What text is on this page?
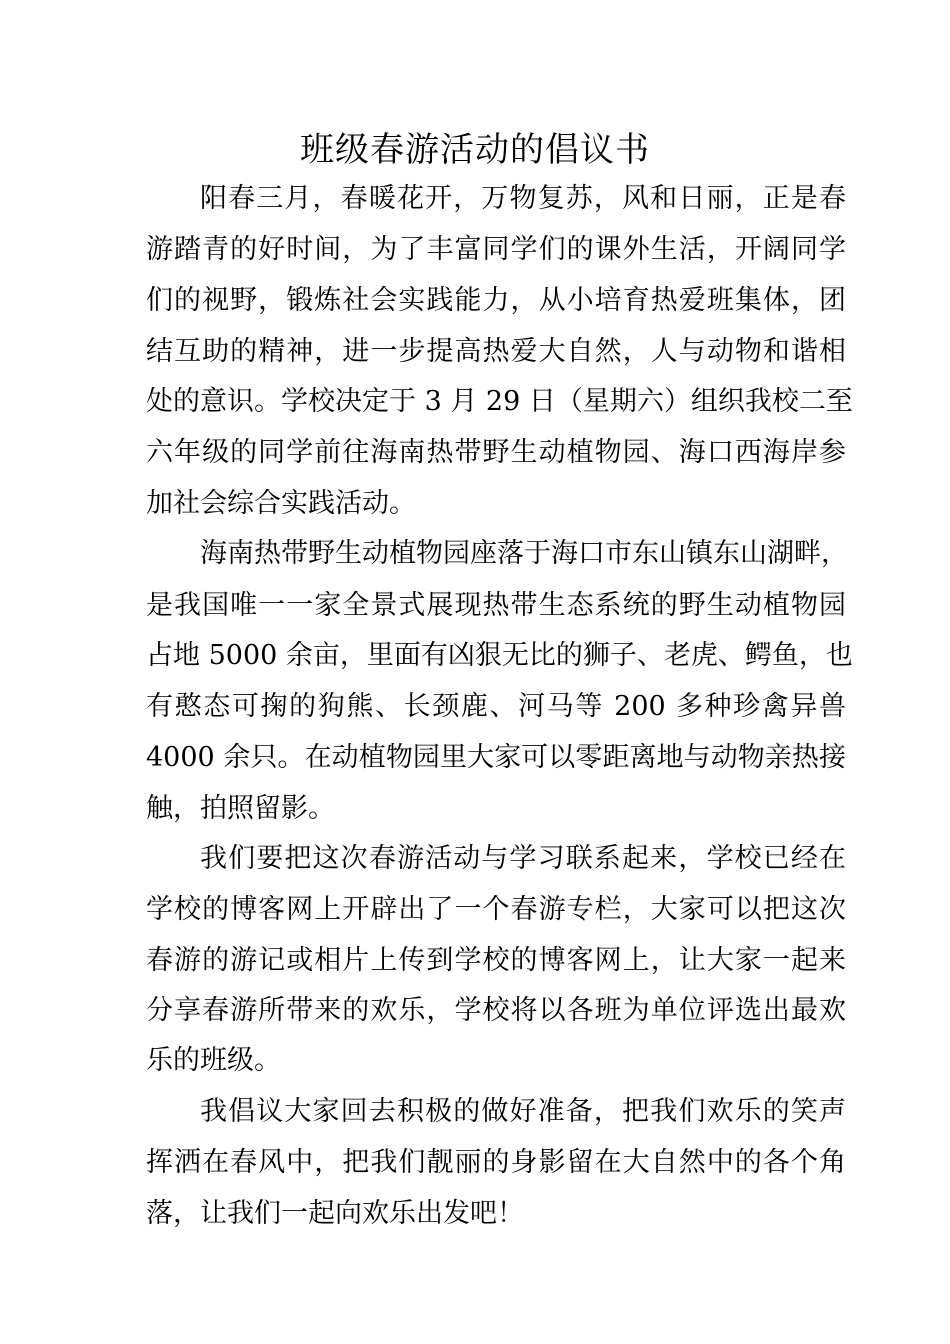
班级春游活动的倡议书
阳春三月，春暖花开，万物复苏，风和日丽，正是春
游踏青的好时间，为了丰富同学们的课外生活，开阔同学
们的视野，锻炼社会实践能力，从小培育热爱班集体，团
结互助的精神，进一步提高热爱大自然，人与动物和谐相
处的意识。学校决定于 3 月 29 日（星期六）组织我校二至
六年级的同学前往海南热带野生动植物园、海口西海岸参
加社会综合实践活动。
海南热带野生动植物园座落于海口市东山镇东山湖畔，
是我国唯一一家全景式展现热带生态系统的野生动植物园
占地 5000 余亩，里面有凶狠无比的狮子、老虎、鳄鱼，也
有憨态可掬的狗熊、长颈鹿、河马等 200 多种珍禽异兽
4000 余只。在动植物园里大家可以零距离地与动物亲热接
触，拍照留影。
我们要把这次春游活动与学习联系起来，学校已经在
学校的博客网上开辟出了一个春游专栏，大家可以把这次
春游的游记或相片上传到学校的博客网上，让大家一起来
分享春游所带来的欢乐，学校将以各班为单位评选出最欢
乐的班级。
我倡议大家回去积极的做好准备，把我们欢乐的笑声
挥洒在春风中，把我们靓丽的身影留在大自然中的各个角
落，让我们一起向欢乐出发吧！
